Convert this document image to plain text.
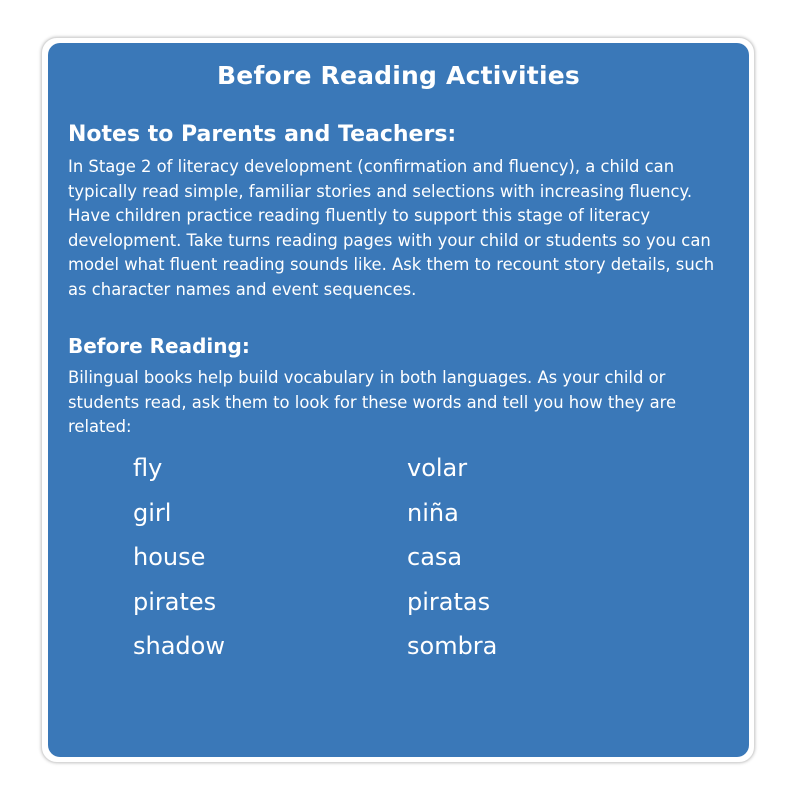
Before Reading Activities
Notes to Parents and Teachers:
In Stage 2 of literacy development (confirmation and fluency), a child can
typically read simple, familiar stories and selections with increasing fluency.
Have children practice reading fluently to support this stage of literacy
development. Take turns reading pages with your child or students so you can
model what fluent reading sounds like. Ask them to recount story details, such
as character names and event sequences.
Before Reading:
Bilingual books help build vocabulary in both languages. As your child or
students read, ask them to look for these words and tell you how they are
related:
fly	volar
girl	niña
house	casa
pirates	piratas
shadow	sombra
